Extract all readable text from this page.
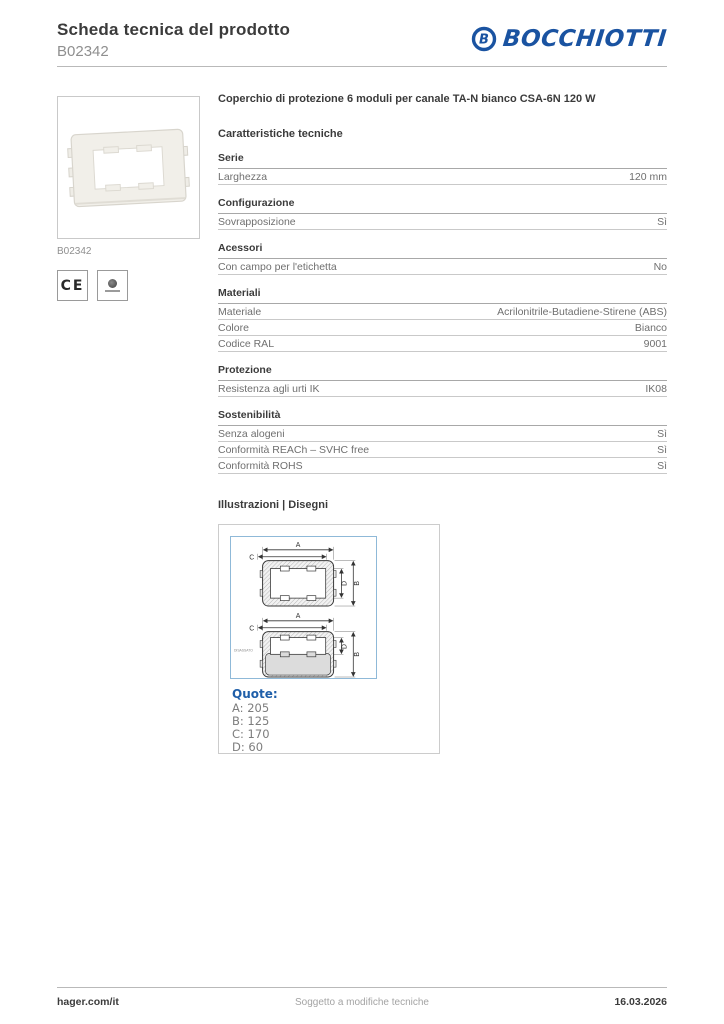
Scheda tecnica del prodotto
B02342
B BOCCHIOTTI
B02342
CE
Coperchio di protezione 6 moduli per canale TA-N bianco CSA-6N 120 W
Caratteristiche tecniche
Serie
Larghezza	120 mm
Configurazione
Sovrapposizione	Sì
Acessori
Con campo per l'etichetta	No
Materiali
Materiale	Acrilonitrile-Butadiene-Stirene (ABS)
Colore	Bianco
Codice RAL	9001
Protezione
Resistenza agli urti IK	IK08
Sostenibilità
Senza alogeni	Sì
Conformità REACh – SVHC free	Sì
Conformità ROHS	Sì
Illustrazioni | Disegni
A
C
D B
A
C
D
B
DISASSATO
Quote:
A: 205
B: 125
C: 170
D: 60
hager.com/it	Soggetto a modifiche tecniche	16.03.2026
